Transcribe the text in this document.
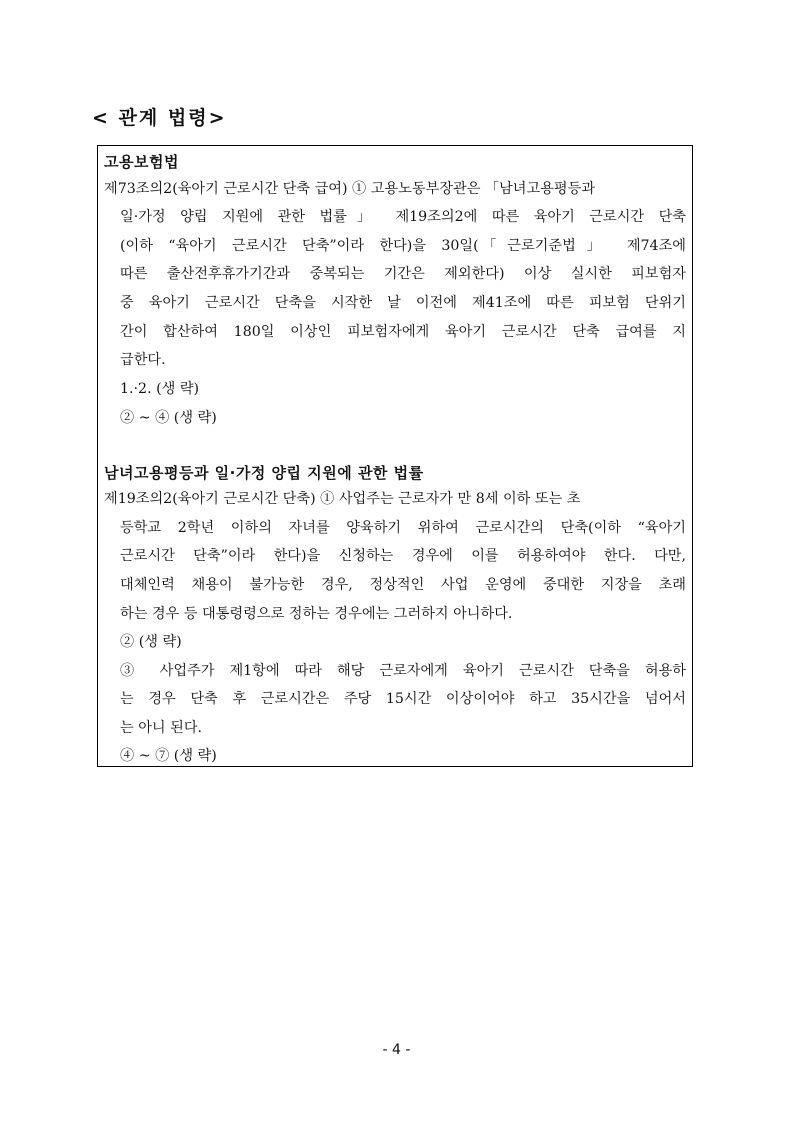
< 관계 법령>
고용보험법
제73조의2(육아기 근로시간 단축 급여) ① 고용노동부장관은 「남녀고용평등과
일·가정 양립 지원에 관한 법률」 제19조의2에 따른 육아기 근로시간 단축
(이하 “육아기 근로시간 단축”이라 한다)을 30일(「근로기준법」 제74조에
따른 출산전후휴가기간과 중복되는 기간은 제외한다) 이상 실시한 피보험자
중 육아기 근로시간 단축을 시작한 날 이전에 제41조에 따른 피보험 단위기
간이 합산하여 180일 이상인 피보험자에게 육아기 근로시간 단축 급여를 지
급한다.
1.·2. (생 략)
② ~ ④ (생 략)
남녀고용평등과 일·가정 양립 지원에 관한 법률
제19조의2(육아기 근로시간 단축) ① 사업주는 근로자가 만 8세 이하 또는 초
등학교 2학년 이하의 자녀를 양육하기 위하여 근로시간의 단축(이하 “육아기
근로시간 단축”이라 한다)을 신청하는 경우에 이를 허용하여야 한다. 다만,
대체인력 채용이 불가능한 경우, 정상적인 사업 운영에 중대한 지장을 초래
하는 경우 등 대통령령으로 정하는 경우에는 그러하지 아니하다.
② (생 략)
③ 사업주가 제1항에 따라 해당 근로자에게 육아기 근로시간 단축을 허용하
는 경우 단축 후 근로시간은 주당 15시간 이상이어야 하고 35시간을 넘어서
는 아니 된다.
④ ~ ⑦ (생 략)
- 4 -
